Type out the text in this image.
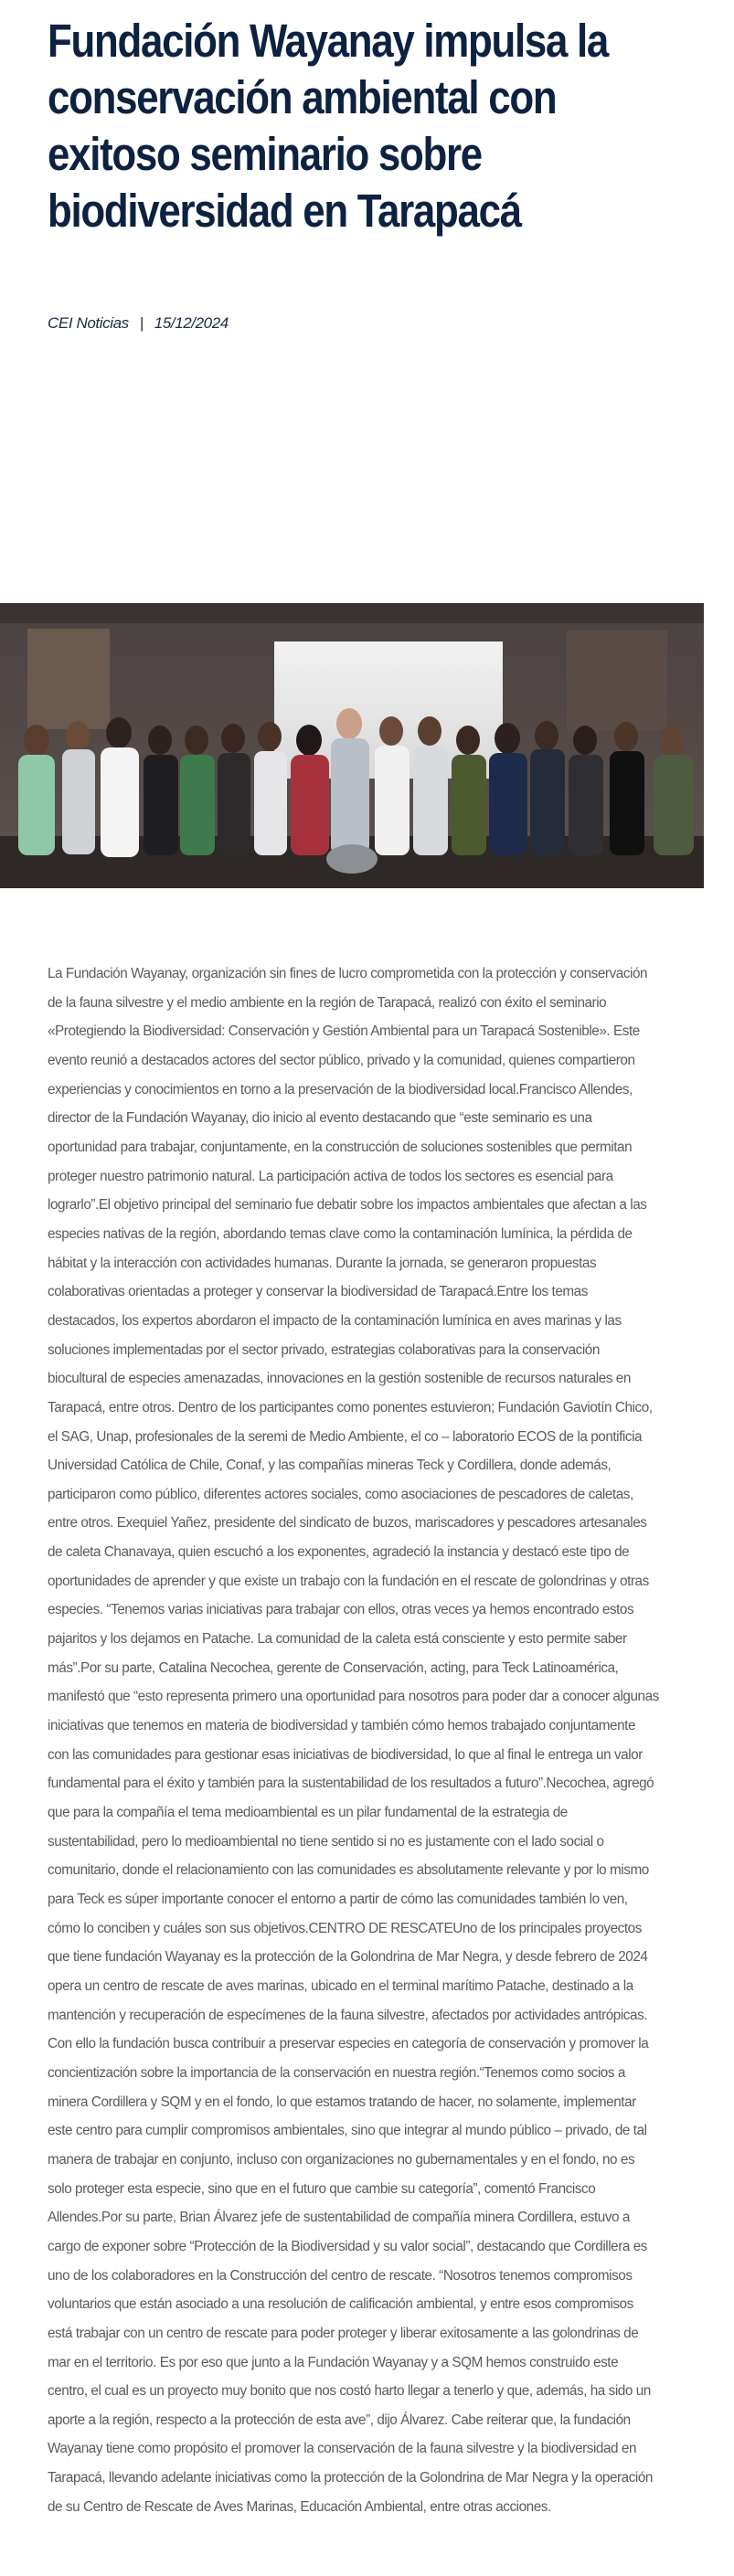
Fundación Wayanay impulsa la conservación ambiental con exitoso seminario sobre biodiversidad en Tarapacá
CEI Noticias | 15/12/2024

La Fundación Wayanay, organización sin fines de lucro comprometida con la protección y conservación de la fauna silvestre y el medio ambiente en la región de Tarapacá, realizó con éxito el seminario «Protegiendo la Biodiversidad: Conservación y Gestión Ambiental para un Tarapacá Sostenible». Este evento reunió a destacados actores del sector público, privado y la comunidad, quienes compartieron experiencias y conocimientos en torno a la preservación de la biodiversidad local.Francisco Allendes, director de la Fundación Wayanay, dio inicio al evento destacando que “este seminario es una oportunidad para trabajar, conjuntamente, en la construcción de soluciones sostenibles que permitan proteger nuestro patrimonio natural. La participación activa de todos los sectores es esencial para lograrlo”.El objetivo principal del seminario fue debatir sobre los impactos ambientales que afectan a las especies nativas de la región, abordando temas clave como la contaminación lumínica, la pérdida de hábitat y la interacción con actividades humanas. Durante la jornada, se generaron propuestas colaborativas orientadas a proteger y conservar la biodiversidad de Tarapacá.Entre los temas destacados, los expertos abordaron el impacto de la contaminación lumínica en aves marinas y las soluciones implementadas por el sector privado, estrategias colaborativas para la conservación biocultural de especies amenazadas, innovaciones en la gestión sostenible de recursos naturales en Tarapacá, entre otros. Dentro de los participantes como ponentes estuvieron; Fundación Gaviotín Chico, el SAG, Unap, profesionales de la seremi de Medio Ambiente, el co – laboratorio ECOS de la pontificia Universidad Católica de Chile, Conaf, y las compañías mineras Teck y Cordillera, donde además, participaron como público, diferentes actores sociales, como asociaciones de pescadores de caletas, entre otros. Exequiel Yañez, presidente del sindicato de buzos, mariscadores y pescadores artesanales de caleta Chanavaya, quien escuchó a los exponentes, agradeció la instancia y destacó este tipo de oportunidades de aprender y que existe un trabajo con la fundación en el rescate de golondrinas y otras especies. “Tenemos varias iniciativas para trabajar con ellos, otras veces ya hemos encontrado estos pajaritos y los dejamos en Patache. La comunidad de la caleta está consciente y esto permite saber más”.Por su parte, Catalina Necochea, gerente de Conservación, acting, para Teck Latinoamérica, manifestó que “esto representa primero una oportunidad para nosotros para poder dar a conocer algunas iniciativas que tenemos en materia de biodiversidad y también cómo hemos trabajado conjuntamente con las comunidades para gestionar esas iniciativas de biodiversidad, lo que al final le entrega un valor fundamental para el éxito y también para la sustentabilidad de los resultados a futuro”.Necochea, agregó que para la compañía el tema medioambiental es un pilar fundamental de la estrategia de sustentabilidad, pero lo medioambiental no tiene sentido si no es justamente con el lado social o comunitario, donde el relacionamiento con las comunidades es absolutamente relevante y por lo mismo para Teck es súper importante conocer el entorno a partir de cómo las comunidades también lo ven, cómo lo conciben y cuáles son sus objetivos.CENTRO DE RESCATEUno de los principales proyectos que tiene fundación Wayanay es la protección de la Golondrina de Mar Negra, y desde febrero de 2024 opera un centro de rescate de aves marinas, ubicado en el terminal marítimo Patache, destinado a la mantención y recuperación de especímenes de la fauna silvestre, afectados por actividades antrópicas. Con ello la fundación busca contribuir a preservar especies en categoría de conservación y promover la concientización sobre la importancia de la conservación en nuestra región.“Tenemos como socios a minera Cordillera y SQM y en el fondo, lo que estamos tratando de hacer, no solamente, implementar este centro para cumplir compromisos ambientales, sino que integrar al mundo público – privado, de tal manera de trabajar en conjunto, incluso con organizaciones no gubernamentales y en el fondo, no es solo proteger esta especie, sino que en el futuro que cambie su categoría”, comentó Francisco Allendes.Por su parte, Brian Álvarez jefe de sustentabilidad de compañía minera Cordillera, estuvo a cargo de exponer sobre “Protección de la Biodiversidad y su valor social”, destacando que Cordillera es uno de los colaboradores en la Construcción del centro de rescate. “Nosotros tenemos compromisos voluntarios que están asociado a una resolución de calificación ambiental, y entre esos compromisos está trabajar con un centro de rescate para poder proteger y liberar exitosamente a las golondrinas de mar en el territorio. Es por eso que junto a la Fundación Wayanay y a SQM hemos construido este centro, el cual es un proyecto muy bonito que nos costó harto llegar a tenerlo y que, además, ha sido un aporte a la región, respecto a la protección de esta ave”, dijo Álvarez. Cabe reiterar que, la fundación Wayanay tiene como propósito el promover la conservación de la fauna silvestre y la biodiversidad en Tarapacá, llevando adelante iniciativas como la protección de la Golondrina de Mar Negra y la operación de su Centro de Rescate de Aves Marinas, Educación Ambiental, entre otras acciones.
